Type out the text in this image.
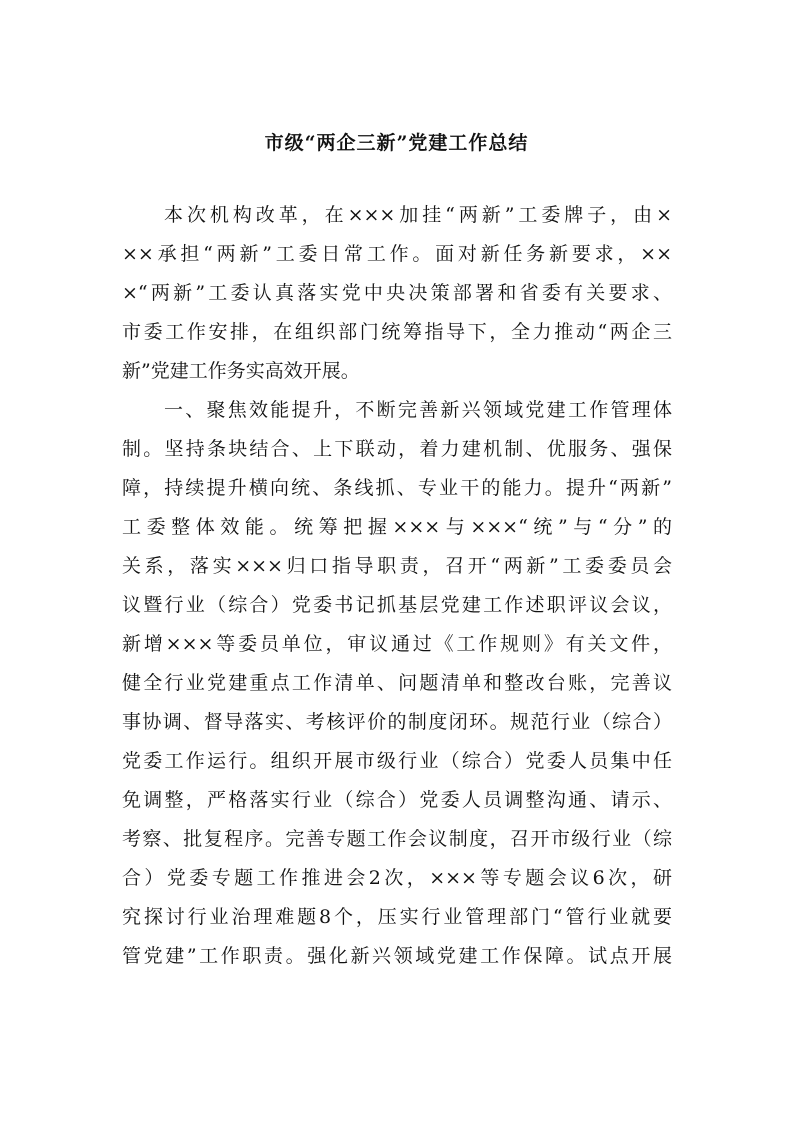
市级“两企三新”党建工作总结
本次机构改革，在×××加挂“两新”工委牌子，由×
××承担“两新”工委日常工作。面对新任务新要求，××
×“两新”工委认真落实党中央决策部署和省委有关要求、
市委工作安排，在组织部门统筹指导下，全力推动“两企三
新”党建工作务实高效开展。
一、聚焦效能提升，不断完善新兴领域党建工作管理体
制。坚持条块结合、上下联动，着力建机制、优服务、强保
障，持续提升横向统、条线抓、专业干的能力。提升“两新”
工委整体效能。统筹把握×××与×××“统”与“分”的
关系，落实×××归口指导职责，召开“两新”工委委员会
议暨行业（综合）党委书记抓基层党建工作述职评议会议，
新增×××等委员单位，审议通过《工作规则》有关文件，
健全行业党建重点工作清单、问题清单和整改台账，完善议
事协调、督导落实、考核评价的制度闭环。规范行业（综合）
党委工作运行。组织开展市级行业（综合）党委人员集中任
免调整，严格落实行业（综合）党委人员调整沟通、请示、
考察、批复程序。完善专题工作会议制度，召开市级行业（综
合）党委专题工作推进会2次，×××等专题会议6次，研
究探讨行业治理难题8个，压实行业管理部门“管行业就要
管党建”工作职责。强化新兴领域党建工作保障。试点开展
